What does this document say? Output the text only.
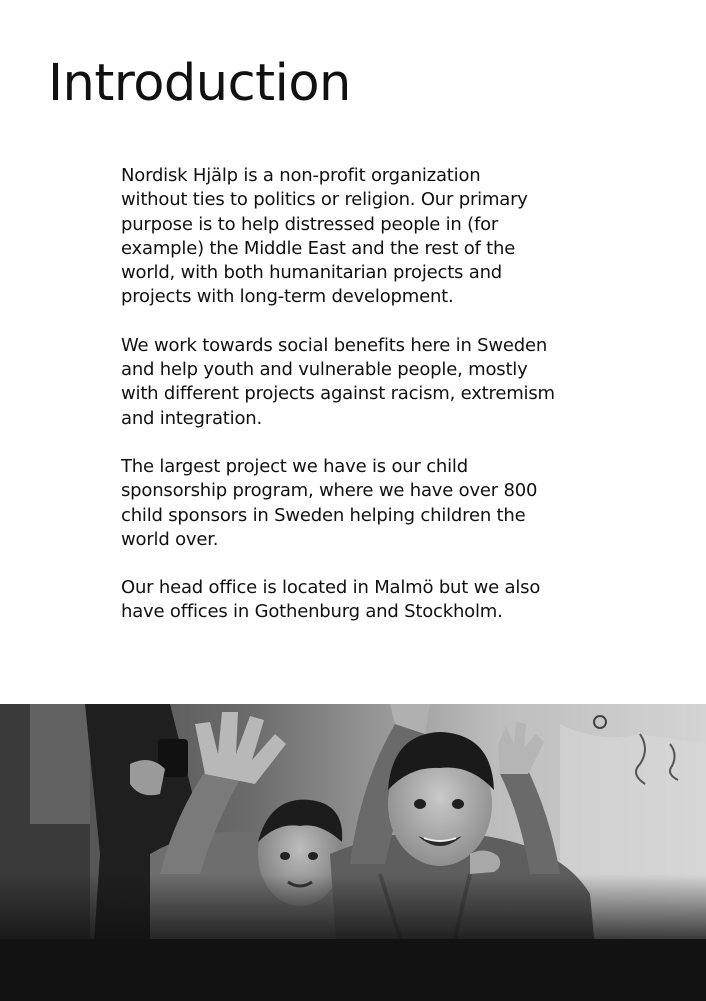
Introduction

Nordisk Hjälp is a non-profit organization
without ties to politics or religion. Our primary
purpose is to help distressed people in (for
example) the Middle East and the rest of the
world, with both humanitarian projects and
projects with long-term development.

We work towards social benefits here in Sweden
and help youth and vulnerable people, mostly
with different projects against racism, extremism
and integration.

The largest project we have is our child
sponsorship program, where we have over 800
child sponsors in Sweden helping children the
world over.

Our head office is located in Malmö but we also
have offices in Gothenburg and Stockholm.
